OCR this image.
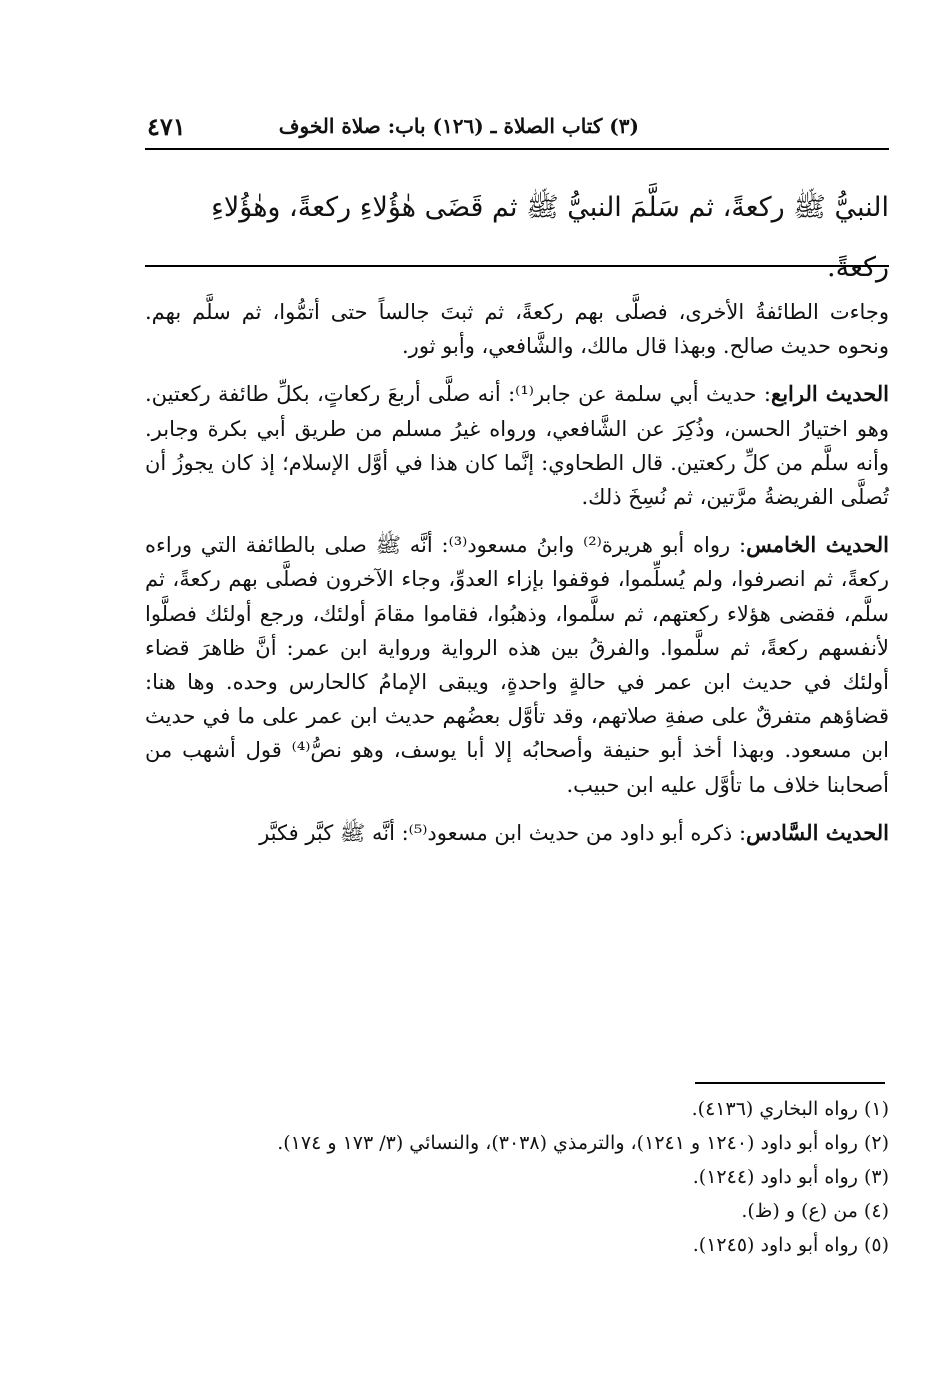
(٣) كتاب الصلاة ـ (١٢٦) باب: صلاة الخوف
٤٧١
النبيُّ ﷺ ركعةً، ثم سَلَّمَ النبيُّ ﷺ ثم قَضَى هٰؤُلاءِ ركعةً، وهٰؤُلاءِ ركعةً.

وجاءت الطائفةُ الأخرى، فصلَّى بهم ركعةً، ثم ثبتَ جالساً حتى أتمُّوا، ثم سلَّم بهم. ونحوه حديث صالح. وبهذا قال مالك، والشَّافعي، وأبو ثور.

الحديث الرابع: حديث أبي سلمة عن جابر⁽¹⁾: أنه صلَّى أربعَ ركعاتٍ، بكلِّ طائفة ركعتين. وهو اختيارُ الحسن، وذُكِرَ عن الشَّافعي، ورواه غيرُ مسلم من طريق أبي بكرة وجابر. وأنه سلَّم من كلِّ ركعتين. قال الطحاوي: إنَّما كان هذا في أوَّل الإسلام؛ إذ كان يجوزُ أن تُصلَّى الفريضةُ مرَّتين، ثم نُسِخَ ذلك.

الحديث الخامس: رواه أبو هريرة⁽²⁾ وابنُ مسعود⁽³⁾: أنَّه ﷺ صلى بالطائفة التي وراءه ركعةً، ثم انصرفوا، ولم يُسلِّموا، فوقفوا بإزاء العدوِّ، وجاء الآخرون فصلَّى بهم ركعةً، ثم سلَّم، فقضى هؤلاء ركعتهم، ثم سلَّموا، وذهبُوا، فقاموا مقامَ أولئك، ورجع أولئك فصلَّوا لأنفسهم ركعةً، ثم سلَّموا. والفرقُ بين هذه الرواية ورواية ابن عمر: أنَّ ظاهرَ قضاء أولئك في حديث ابن عمر في حالةٍ واحدةٍ، ويبقى الإمامُ كالحارس وحده. وها هنا: قضاؤهم متفرقٌ على صفةِ صلاتهم، وقد تأوَّل بعضُهم حديث ابن عمر على ما في حديث ابن مسعود. وبهذا أخذ أبو حنيفة وأصحابُه إلا أبا يوسف، وهو نصُّ⁽⁴⁾ قول أشهب من أصحابنا خلاف ما تأوَّل عليه ابن حبيب.

الحديث السَّادس: ذكره أبو داود من حديث ابن مسعود⁽⁵⁾: أنَّه ﷺ كبَّر فكبَّر

(١) رواه البخاري (٤١٣٦).
(٢) رواه أبو داود (١٢٤٠ و ١٢٤١)، والترمذي (٣٠٣٨)، والنسائي (٣/ ١٧٣ و ١٧٤).
(٣) رواه أبو داود (١٢٤٤).
(٤) من (ع) و (ظ).
(٥) رواه أبو داود (١٢٤٥).
